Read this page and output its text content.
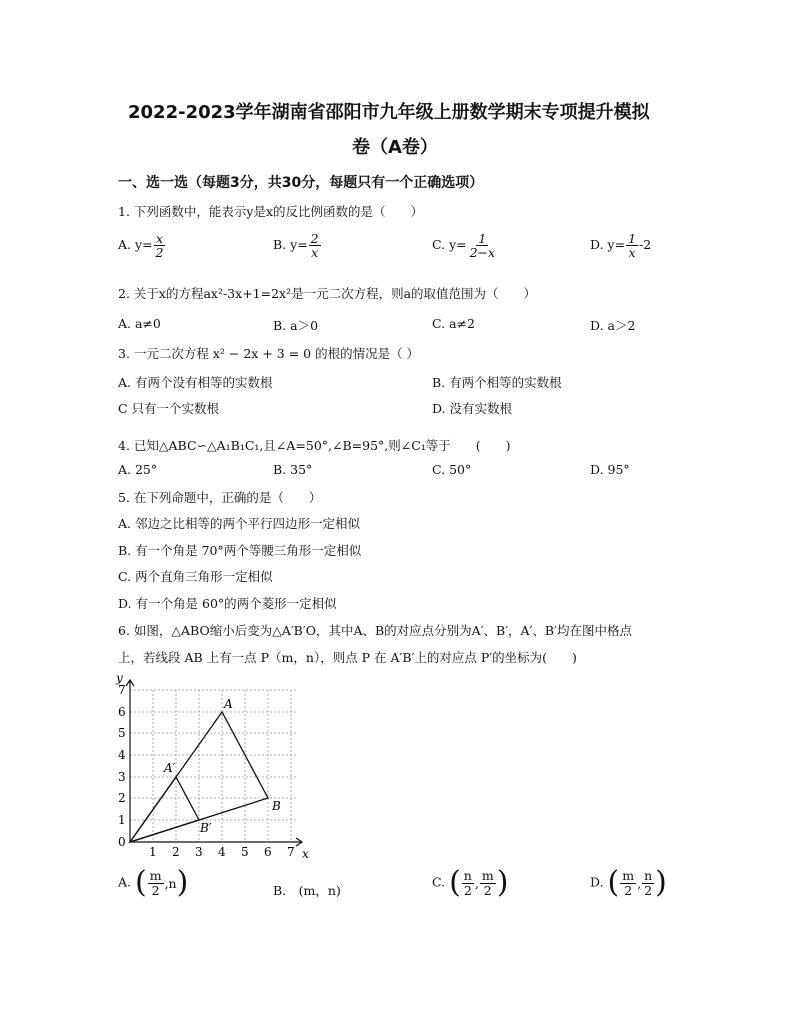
2022-2023学年湖南省邵阳市九年级上册数学期末专项提升模拟
卷（A卷）
一、选一选（每题3分，共30分，每题只有一个正确选项）
1. 下列函数中，能表示y是x的反比例函数的是（　　）
A. $y= \frac{x}{2}$	B. $y= \frac{2}{x}$	C. $y= \frac{1}{2-x}$	D. $y= \frac{1}{x} -2$
2. 关于x的方程ax²-3x+1=2x²是一元二次方程，则a的取值范围为（　　）
A. a≠0	B. a＞0	C. a≠2	D. a＞2
3. 一元二次方程 x² − 2x + 3 = 0 的根的情况是（ ）
A. 有两个没有相等的实数根	B. 有两个相等的实数根
C 只有一个实数根	D. 没有实数根
4. 已知△ABC∽△A₁B₁C₁,且∠A=50°,∠B=95°,则∠C₁等于　　(　　)
A. 25°	B. 35°	C. 50°	D. 95°
5. 在下列命题中，正确的是（　　）
A. 邻边之比相等的两个平行四边形一定相似
B. 有一个角是 70°两个等腰三角形一定相似
C. 两个直角三角形一定相似
D. 有一个角是 60°的两个菱形一定相似
6. 如图，△ABO缩小后变为△A′B′O，其中A、B的对应点分别为A′、B′，A′、B′均在图中格点
上，若线段 AB 上有一点 P（m，n），则点 P 在 A′B′上的对应点 P′的坐标为(　　)
0
x
y
1 2 3 4 5 6 7
1
2
3
4
5
6
7
A
B
A′
B′
A. ( $\frac{m}{2} ,n$ )	B.　(m，n)
C. ( $\frac{n}{2}$ , $\frac{m}{2}$ )	D. ( $\frac{m}{2}$ , $\frac{n}{2}$ )
